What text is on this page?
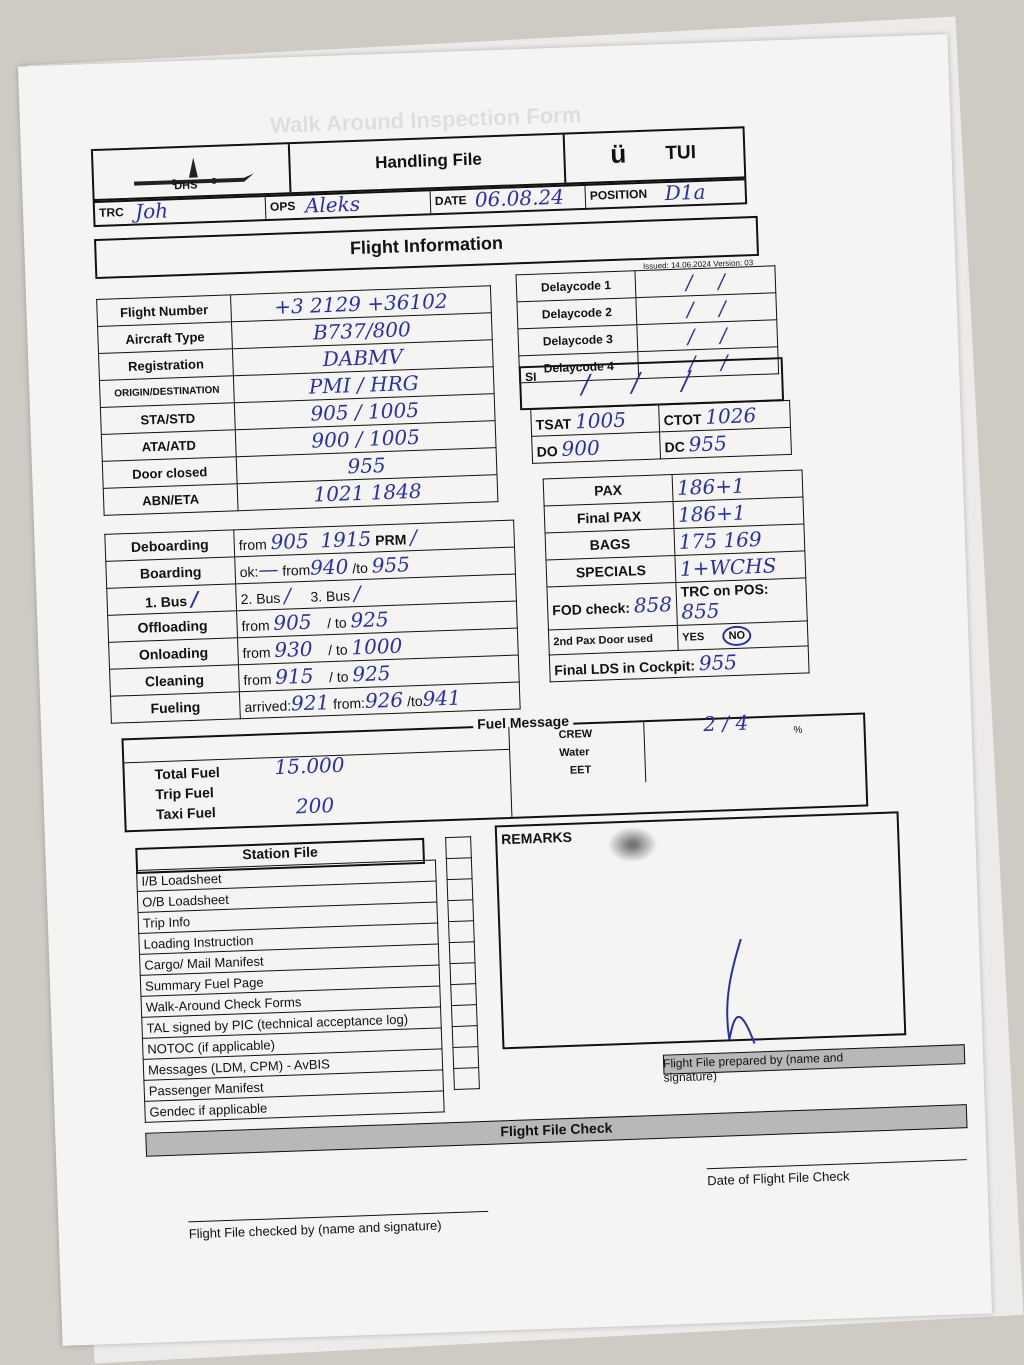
Walk Around Inspection Form
DHS
Handling File	ü TUI
TRC Joh	OPS Aleks	DATE 06.08.24 POSITION D1a
Flight Information
Issued: 14.06.2024 Version: 03
Flight Number	+3 2129 +36102
Aircraft Type	B737/800
Registration	DABMV
ORIGIN/DESTINATION	PMI / HRG
STA/STD	905 / 1005
ATA/ATD	900 / 1005
Door closed	955
ABN/ETA	1021 1848
Delaycode 1	/    /
Delaycode 2	/    /
Delaycode 3	/    /
Delaycode 4	/    /
SI /     /     /
TSAT 1005	CTOT 1026
DO 900	DC 955
Deboarding	from 905 1915 PRM /
Boarding	ok:— from940 /to 955
1. Bus /	2. Bus / 3. Bus /
Offloading	from 905 / to 925
Onloading	from 930 / to 1000
Cleaning	from 915 / to 925
Fueling	arrived:921 from:926 /to941
PAX	186+1
Final PAX	186+1
BAGS	175 169
SPECIALS	1+WCHS
FOD check: 858	TRC on POS: 855
2nd Pax Door used	YES NO
Final LDS in Cockpit: 955	
Fuel Message
Total Fuel	15.000
Trip Fuel
Taxi Fuel	200
CREW	2 / 4	%
Water
EET
Station File
I/B Loadsheet
O/B Loadsheet
Trip Info
Loading Instruction
Cargo/ Mail Manifest
Summary Fuel Page
Walk-Around Check Forms
TAL signed by PIC (technical acceptance log)
NOTOC (if applicable)
Messages (LDM, CPM) - AvBIS
Passenger Manifest
Gendec if applicable

REMARKS
Flight File prepared by (name and signature)
Flight File Check
Date of Flight File Check
Flight File checked by (name and signature)
